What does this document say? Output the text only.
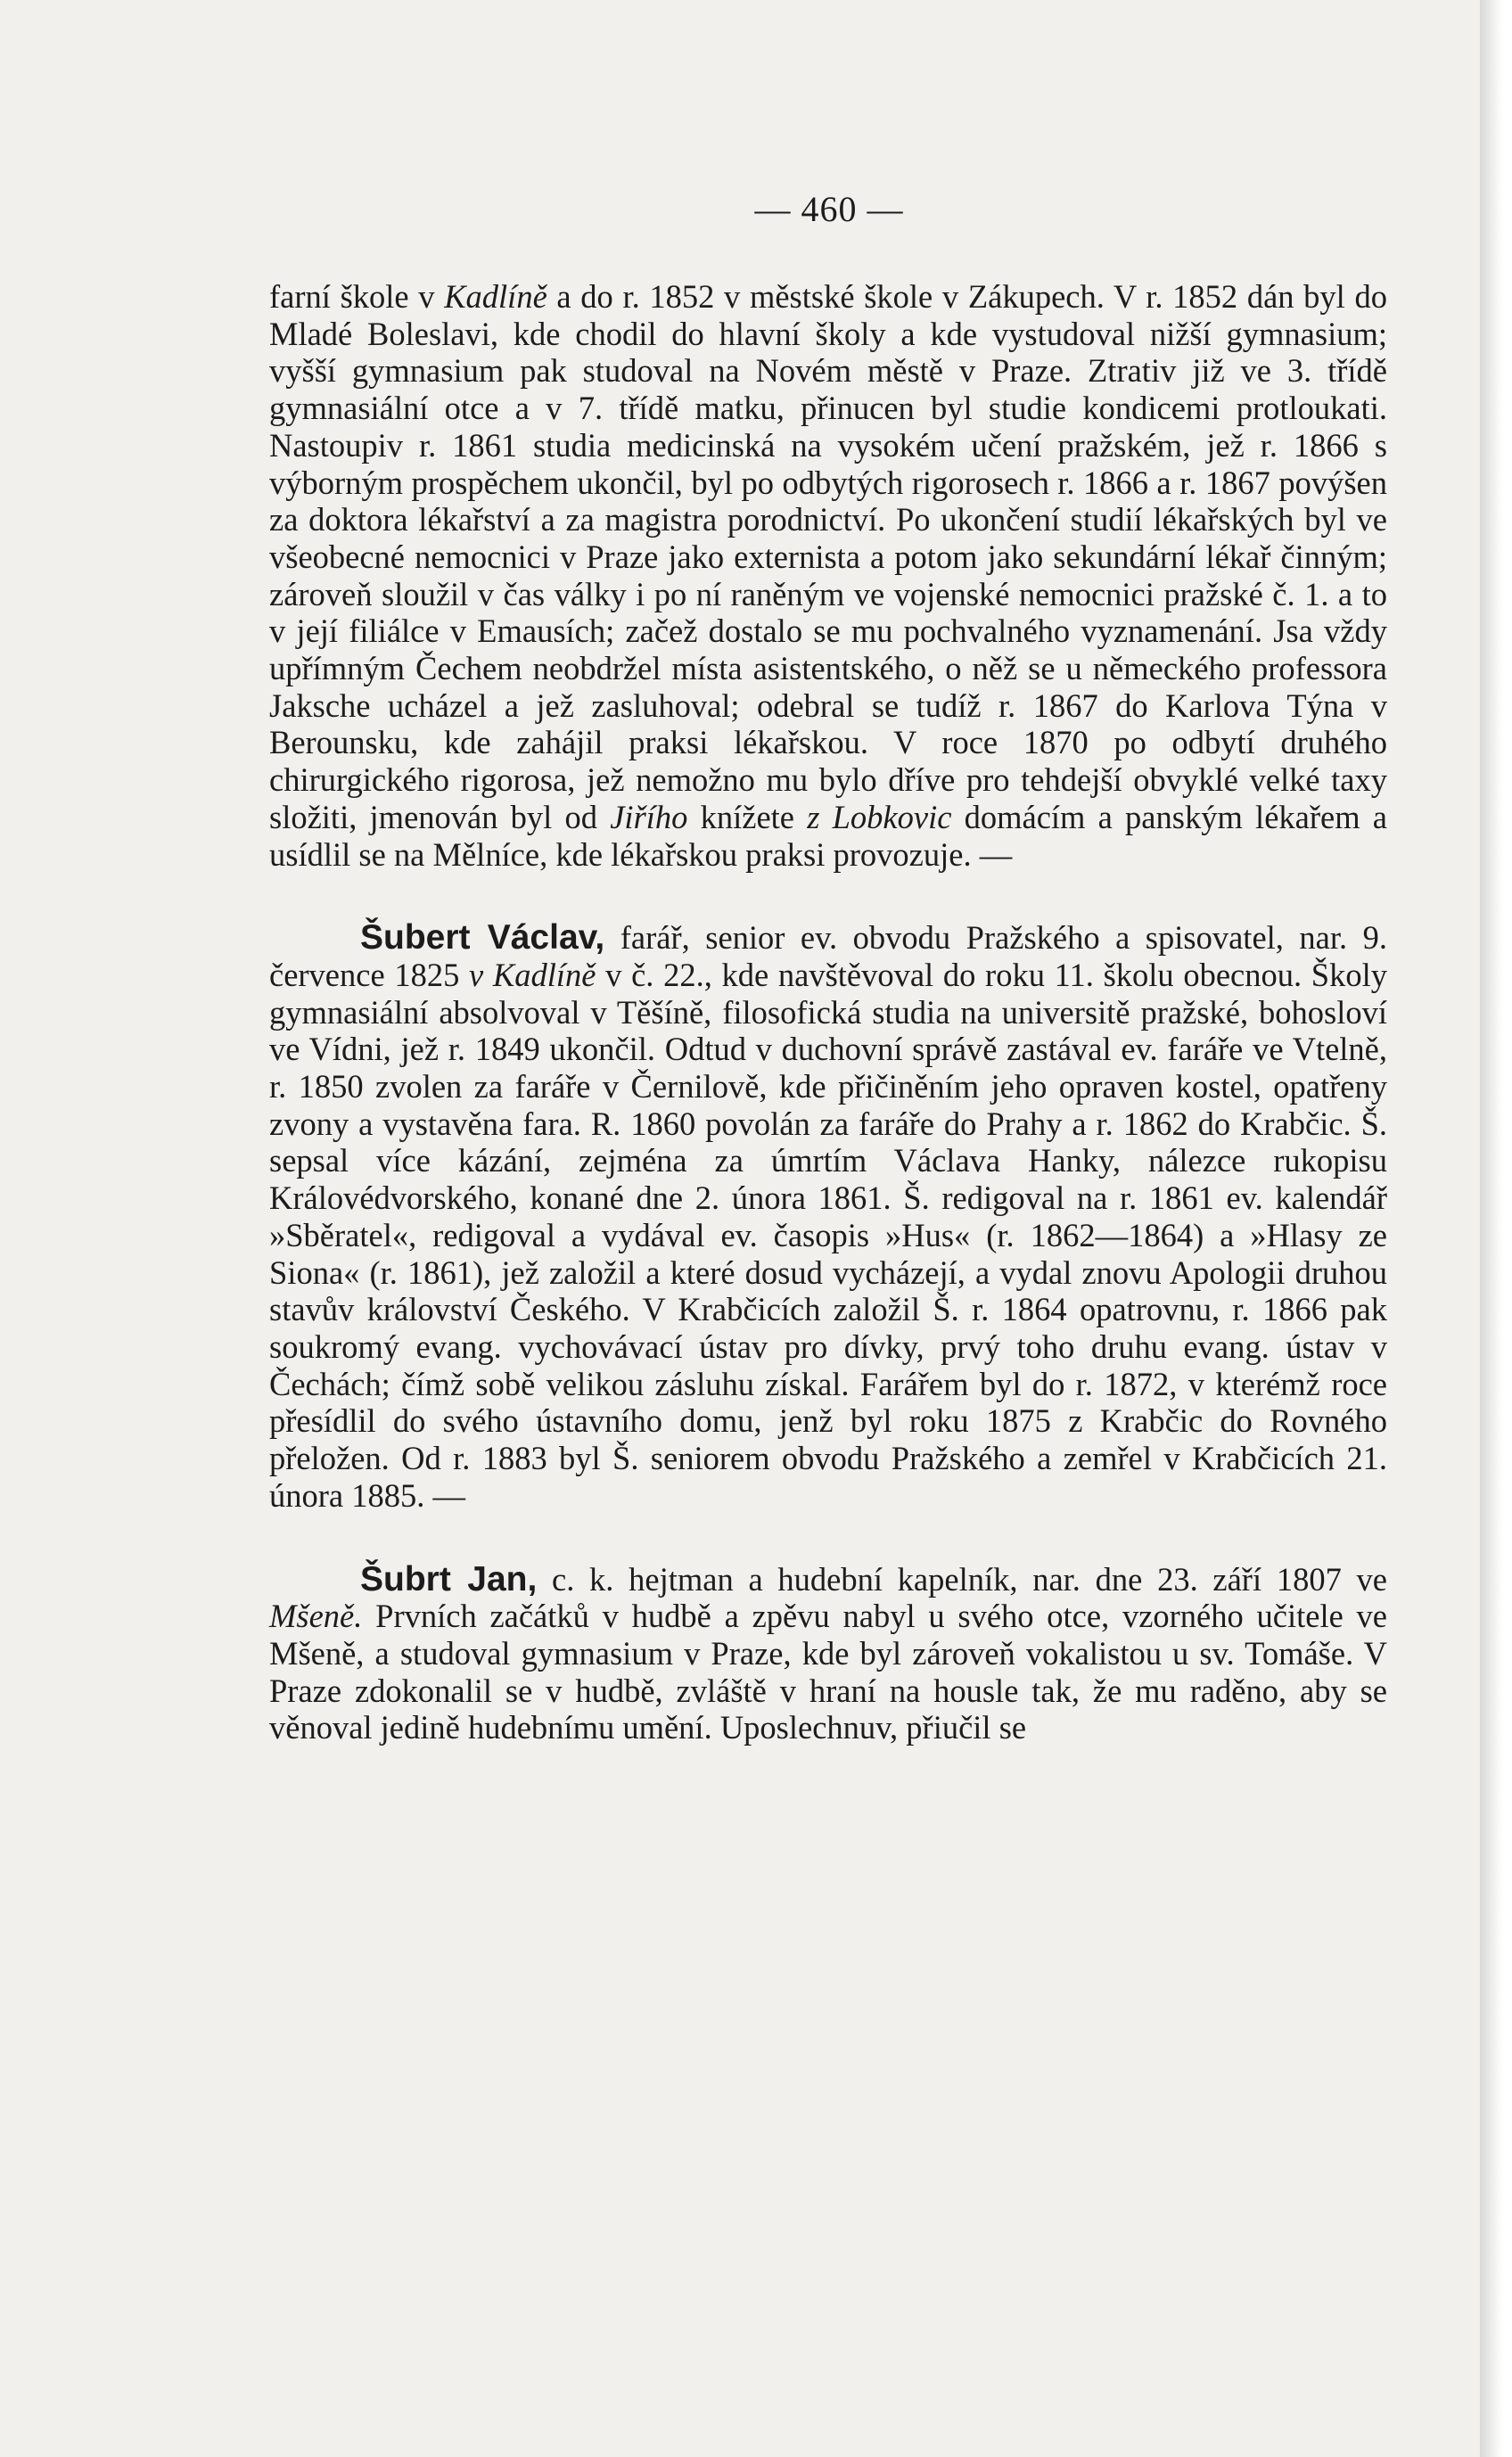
— 460 —

farní škole v Kadlíně a do r. 1852 v městské škole v Zákupech. V r. 1852 dán byl do Mladé Boleslavi, kde chodil do hlavní školy a kde vystudoval nižší gymnasium; vyšší gymnasium pak studoval na Novém městě v Praze. Ztrativ již ve 3. třídě gymnasiální otce a v 7. třídě matku, přinucen byl studie kondicemi protloukati. Nastoupiv r. 1861 studia medicinská na vysokém učení pražském, jež r. 1866 s výborným prospěchem ukončil, byl po odbytých rigorosech r. 1866 a r. 1867 povýšen za doktora lékařství a za magistra porodnictví. Po ukončení studií lékařských byl ve všeobecné nemocnici v Praze jako externista a potom jako sekundární lékař činným; zároveň sloužil v čas války i po ní raněným ve vojenské nemocnici pražské č. 1. a to v její filiálce v Emausích; začež dostalo se mu pochvalného vyznamenání. Jsa vždy upřímným Čechem neobdržel místa asistentského, o něž se u německého professora Jaksche ucházel a jež zasluhoval; odebral se tudíž r. 1867 do Karlova Týna v Berounsku, kde zahájil praksi lékařskou. V roce 1870 po odbytí druhého chirurgického rigorosa, jež nemožno mu bylo dříve pro tehdejší obvyklé velké taxy složiti, jmenován byl od Jiřího knížete z Lobkovic domácím a panským lékařem a usídlil se na Mělníce, kde lékařskou praksi provozuje. —

Šubert Václav, farář, senior ev. obvodu Pražského a spisovatel, nar. 9. července 1825 v Kadlíně v č. 22., kde navštěvoval do roku 11. školu obecnou. Školy gymnasiální absolvoval v Těšíně, filosofická studia na universitě pražské, bohosloví ve Vídni, jež r. 1849 ukončil. Odtud v duchovní správě zastával ev. faráře ve Vtelně, r. 1850 zvolen za faráře v Černilově, kde přičiněním jeho opraven kostel, opatřeny zvony a vystavěna fara. R. 1860 povolán za faráře do Prahy a r. 1862 do Krabčic. Š. sepsal více kázání, zejména za úmrtím Václava Hanky, nálezce rukopisu Královédvorského, konané dne 2. února 1861. Š. redigoval na r. 1861 ev. kalendář »Sběratel«, redigoval a vydával ev. časopis »Hus« (r. 1862—1864) a »Hlasy ze Siona« (r. 1861), jež založil a které dosud vycházejí, a vydal znovu Apologii druhou stavův království Českého. V Krabčicích založil Š. r. 1864 opatrovnu, r. 1866 pak soukromý evang. vychovávací ústav pro dívky, prvý toho druhu evang. ústav v Čechách; čímž sobě velikou zásluhu získal. Farářem byl do r. 1872, v kterémž roce přesídlil do svého ústavního domu, jenž byl roku 1875 z Krabčic do Rovného přeložen. Od r. 1883 byl Š. seniorem obvodu Pražského a zemřel v Krabčicích 21. února 1885. —

Šubrt Jan, c. k. hejtman a hudební kapelník, nar. dne 23. září 1807 ve Mšeně. Prvních začátků v hudbě a zpěvu nabyl u svého otce, vzorného učitele ve Mšeně, a studoval gymnasium v Praze, kde byl zároveň vokalistou u sv. Tomáše. V Praze zdokonalil se v hudbě, zvláště v hraní na housle tak, že mu raděno, aby se věnoval jedině hudebnímu umění. Uposlechnuv, přiučil se
